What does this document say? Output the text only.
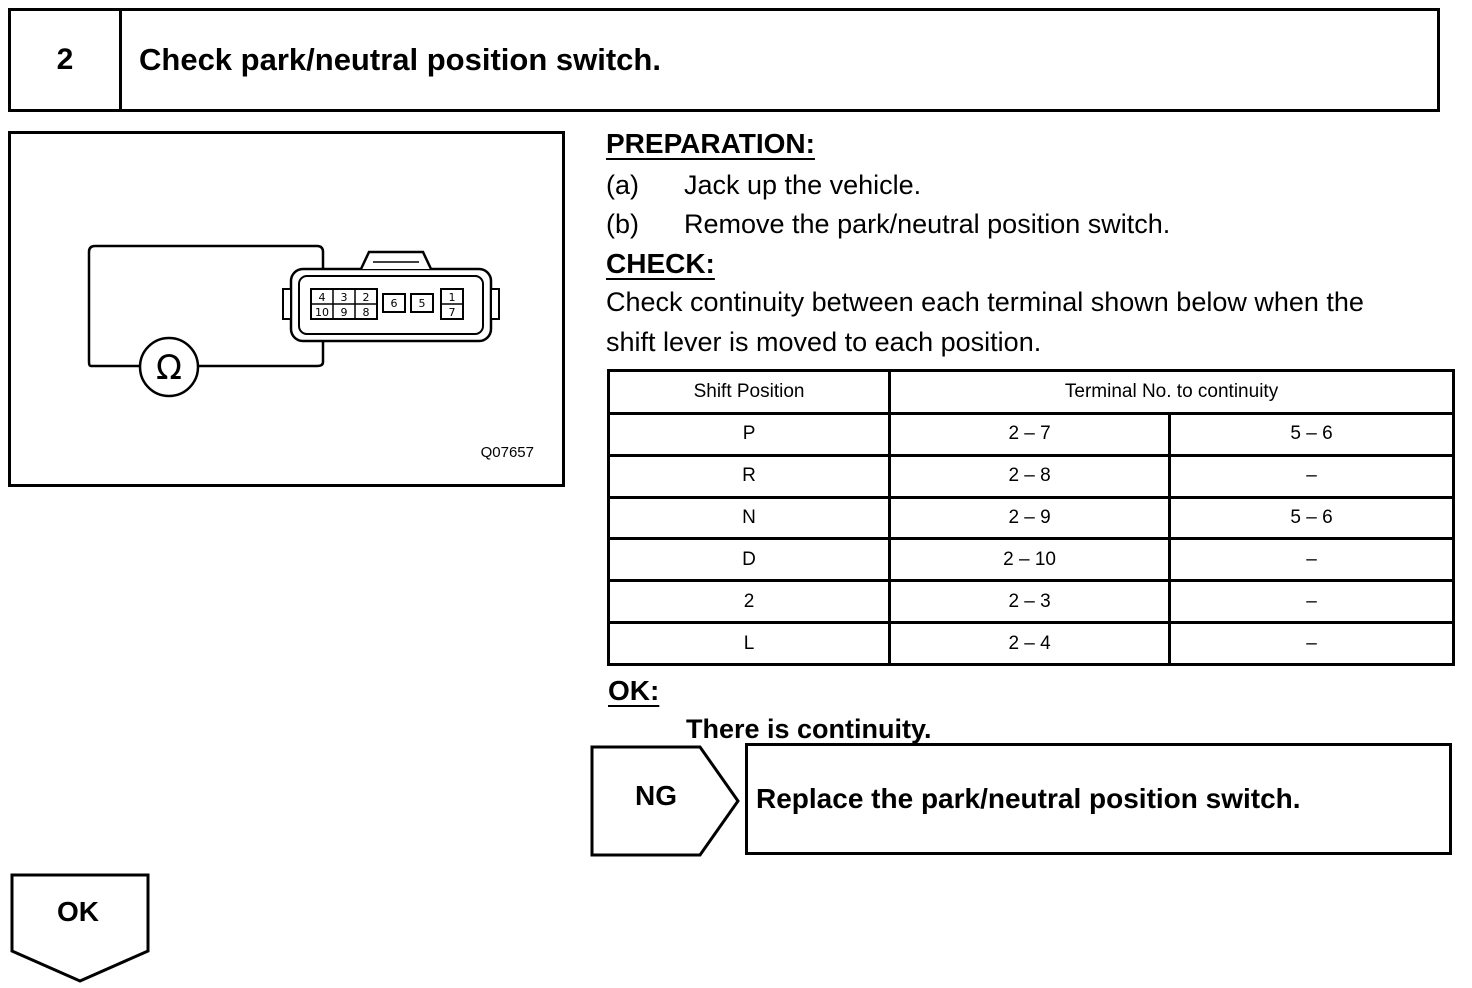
2	Check park/neutral position switch.
Ω
4 3 2 6 5 1
10 9 8	7
Q07657
PREPARATION:
(a) Jack up the vehicle.
(b) Remove the park/neutral position switch.
CHECK:
Check continuity between each terminal shown below when the
shift lever is moved to each position.
Shift Position	Terminal No. to continuity	
P	2 – 7	5 – 6
R	2 – 8	–
N	2 – 9	5 – 6
D	2 – 10	–
2	2 – 3	–
L	2 – 4	–
OK:
There is continuity.
NG	Replace the park/neutral position switch.
OK
